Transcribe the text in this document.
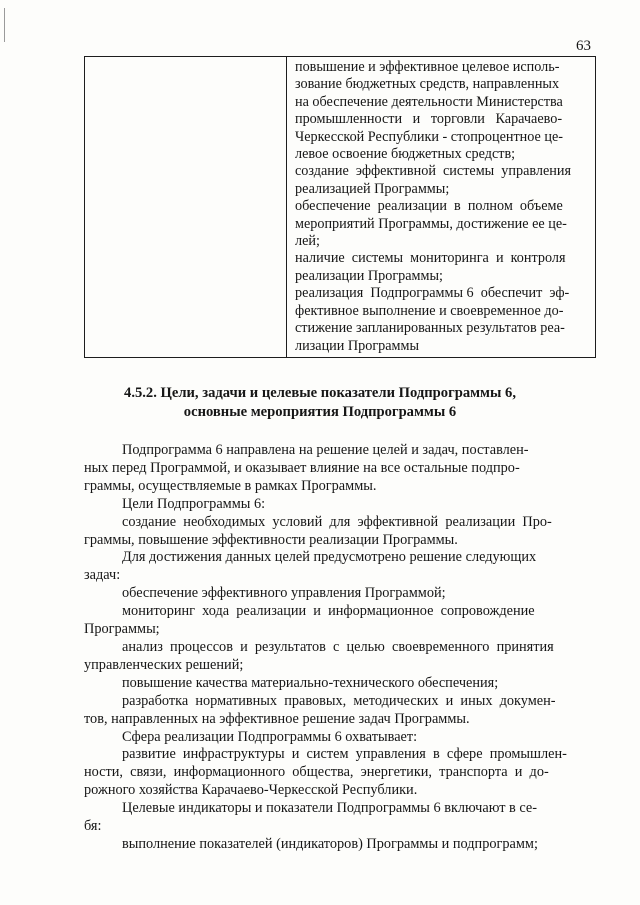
63
повышение и эффективное целевое исполь-
зование бюджетных средств, направленных
на обеспечение деятельности Министерства
промышленности   и   торговли   Карачаево-
Черкесской Республики - стопроцентное це-
левое освоение бюджетных средств;
создание  эффективной  системы  управления
реализацией Программы;
обеспечение  реализации  в  полном  объеме
мероприятий Программы, достижение ее це-
лей;
наличие  системы  мониторинга  и  контроля
реализации Программы;
реализация  Подпрограммы 6  обеспечит  эф-
фективное выполнение и своевременное до-
стижение запланированных результатов реа-
лизации Программы
4.5.2. Цели, задачи и целевые показатели Подпрограммы 6,
основные мероприятия Подпрограммы 6
Подпрограмма 6 направлена на решение целей и задач, поставлен-
ных перед Программой, и оказывает влияние на все остальные подпро-
граммы, осуществляемые в рамках Программы.
Цели Подпрограммы 6:
создание  необходимых  условий  для  эффективной  реализации  Про-
граммы, повышение эффективности реализации Программы.
Для достижения данных целей предусмотрено решение следующих
задач:
обеспечение эффективного управления Программой;
мониторинг  хода  реализации  и  информационное  сопровождение
Программы;
анализ  процессов  и  результатов  с  целью  своевременного  принятия
управленческих решений;
повышение качества материально-технического обеспечения;
разработка  нормативных  правовых,  методических  и  иных  докумен-
тов, направленных на эффективное решение задач Программы.
Сфера реализации Подпрограммы 6 охватывает:
развитие  инфраструктуры  и  систем  управления  в  сфере  промышлен-
ности,  связи,  информационного  общества,  энергетики,  транспорта  и  до-
рожного хозяйства Карачаево-Черкесской Республики.
Целевые индикаторы и показатели Подпрограммы 6 включают в се-
бя:
выполнение показателей (индикаторов) Программы и подпрограмм;
